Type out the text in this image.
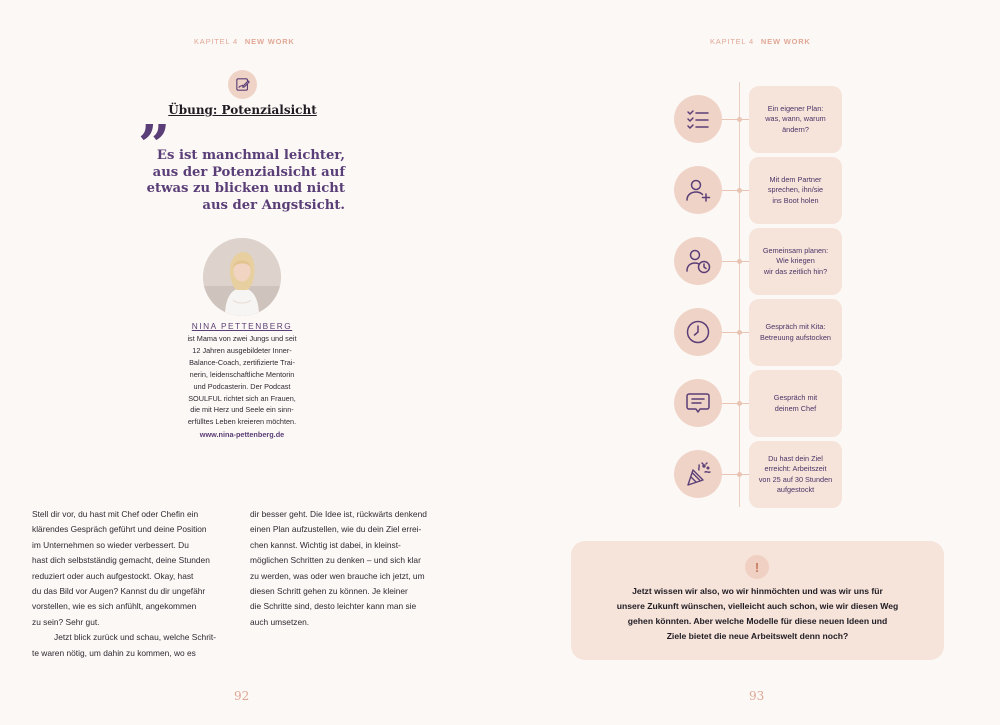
KAPITEL 4 NEW WORK
Übung: Potenzialsicht
”
Es ist manchmal leichter,
aus der Potenzialsicht auf
etwas zu blicken und nicht
aus der Angstsicht.
NINA PETTENBERG
ist Mama von zwei Jungs und seit
12 Jahren ausgebildeter Inner-
Balance-Coach, zertifizierte Trai-
nerin, leidenschaftliche Mentorin
und Podcasterin. Der Podcast
SOULFUL richtet sich an Frauen,
die mit Herz und Seele ein sinn-
erfülltes Leben kreieren möchten.
www.nina-pettenberg.de
Stell dir vor, du hast mit Chef oder Chefin ein
klärendes Gespräch geführt und deine Position
im Unternehmen so wieder verbessert. Du
hast dich selbstständig gemacht, deine Stunden
reduziert oder auch aufgestockt. Okay, hast
du das Bild vor Augen? Kannst du dir ungefähr
vorstellen, wie es sich anfühlt, angekommen
zu sein? Sehr gut.
Jetzt blick zurück und schau, welche Schrit-
te waren nötig, um dahin zu kommen, wo es
dir besser geht. Die Idee ist, rückwärts denkend
einen Plan aufzustellen, wie du dein Ziel errei-
chen kannst. Wichtig ist dabei, in kleinst-
möglichen Schritten zu denken – und sich klar
zu werden, was oder wen brauche ich jetzt, um
diesen Schritt gehen zu können. Je kleiner
die Schritte sind, desto leichter kann man sie
auch umsetzen.
92
KAPITEL 4 NEW WORK
Ein eigener Plan:
was, wann, warum
ändern?
Mit dem Partner
sprechen, ihn/sie
ins Boot holen
Gemeinsam planen:
Wie kriegen
wir das zeitlich hin?
Gespräch mit Kita:
Betreuung aufstocken
Gespräch mit
deinem Chef
Du hast dein Ziel
erreicht: Arbeitszeit
von 25 auf 30 Stunden
aufgestockt
!
Jetzt wissen wir also, wo wir hinmöchten und was wir uns für
unsere Zukunft wünschen, vielleicht auch schon, wie wir diesen Weg
gehen könnten. Aber welche Modelle für diese neuen Ideen und
Ziele bietet die neue Arbeitswelt denn noch?
93
